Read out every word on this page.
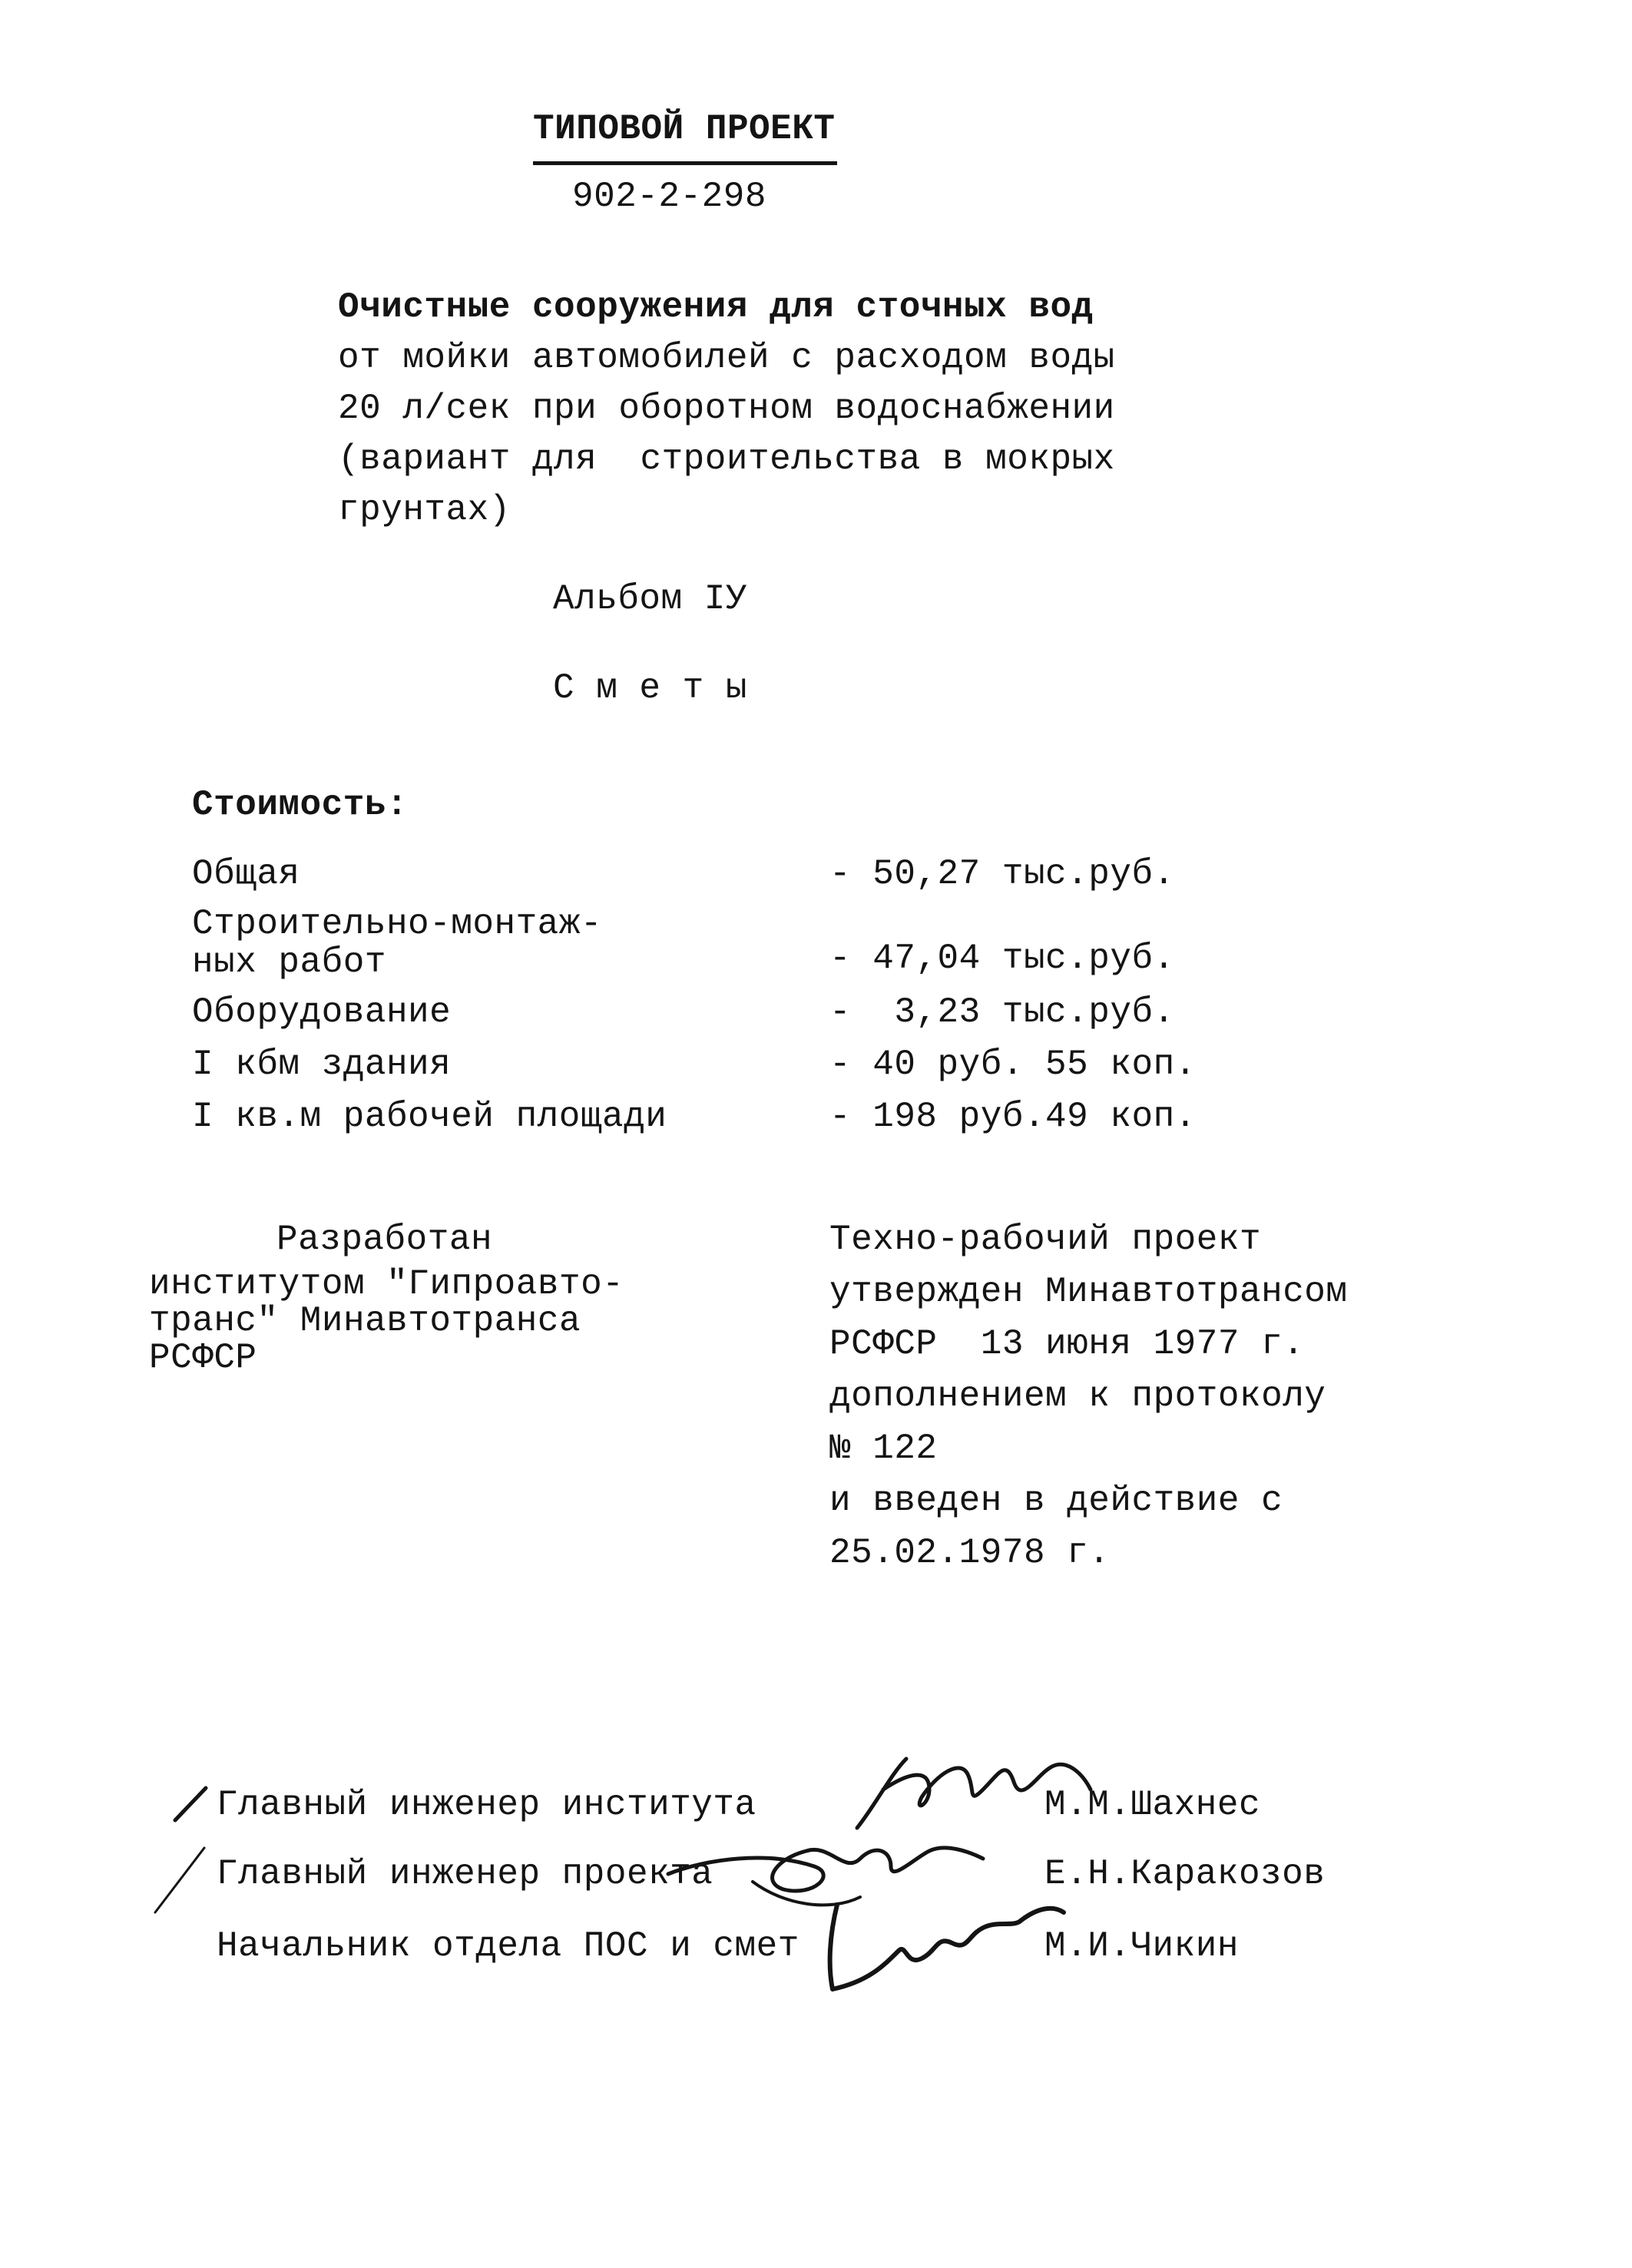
ТИПОВОЙ ПРОЕКТ
902-2-298
Очистные сооружения для сточных вод
от мойки автомобилей с расходом воды
20 л/сек при оборотном водоснабжении
(вариант для  строительства в мокрых
грунтах)
Альбом IУ
С м е т ы
Стоимость:
Общая	- 50,27 тыс.руб.
Строительно-монтаж-
ных работ	- 47,04 тыс.руб.
Оборудование	-  3,23 тыс.руб.
I кбм здания	- 40 руб. 55 коп.
I кв.м рабочей площади	- 198 руб.49 коп.
Разработан
институтом "Гипроавто-
транс" Минавтотранса
РСФСР
Техно-рабочий проект
утвержден Минавтотрансом
РСФСР  13 июня 1977 г.
дополнением к протоколу
№ 122
и введен в действие с
25.02.1978 г.
Главный инженер института	М.М.Шахнес
Главный инженер проекта	Е.Н.Каракозов
Начальник отдела ПОС и смет	М.И.Чикин
